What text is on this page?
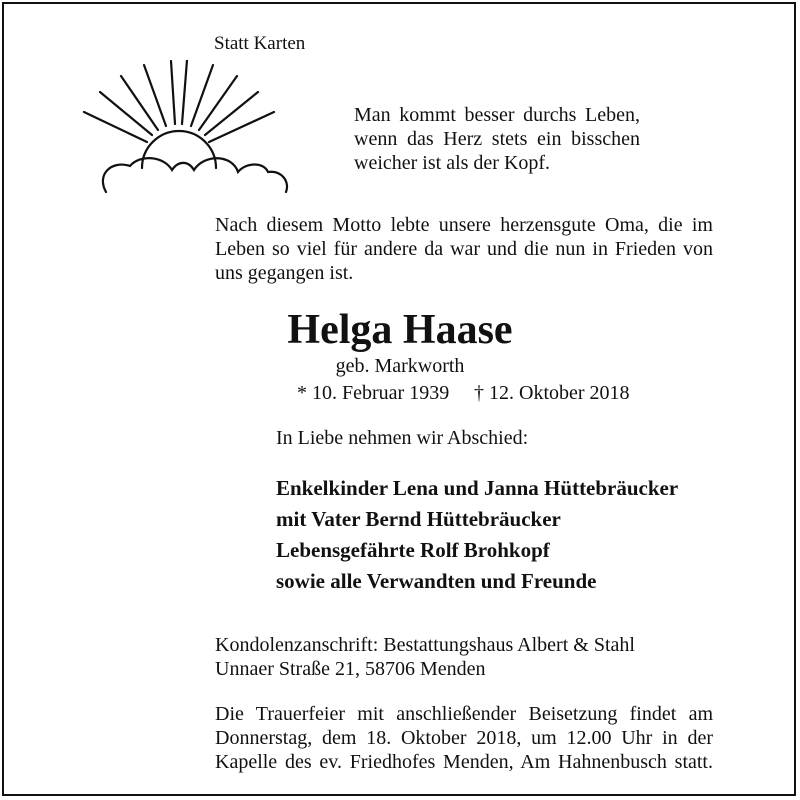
Statt Karten
Man kommt besser durchs Leben,
wenn das Herz stets ein bisschen
weicher ist als der Kopf.
Nach diesem Motto lebte unsere herzensgute Oma, die im
Leben so viel für andere da war und die nun in Frieden von
uns gegangen ist.
Helga Haase
geb. Markworth
* 10. Februar 1939 † 12. Oktober 2018
In Liebe nehmen wir Abschied:
Enkelkinder Lena und Janna Hüttebräucker
mit Vater Bernd Hüttebräucker
Lebensgefährte Rolf Brohkopf
sowie alle Verwandten und Freunde
Kondolenzanschrift: Bestattungshaus Albert & Stahl
Unnaer Straße 21, 58706 Menden
Die Trauerfeier mit anschließender Beisetzung findet am
Donnerstag, dem 18. Oktober 2018, um 12.00 Uhr in der
Kapelle des ev. Friedhofes Menden, Am Hahnenbusch statt.
